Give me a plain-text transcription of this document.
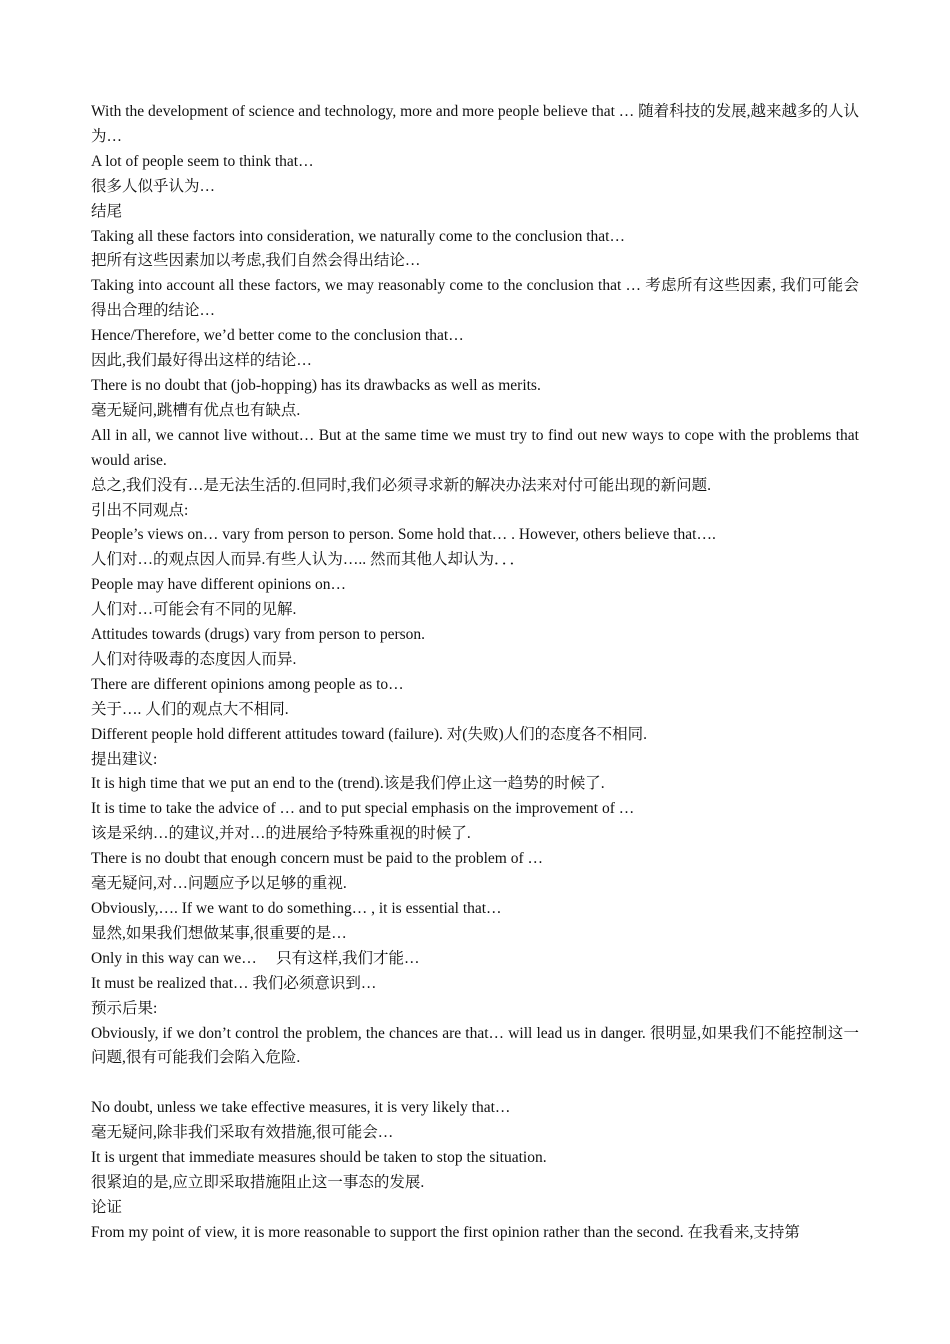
With the development of science and technology, more and more people believe that … 随着科技的发展,越来越多的人认为…

A lot of people seem to think that…

很多人似乎认为…

结尾

Taking all these factors into consideration, we naturally come to the conclusion that…

把所有这些因素加以考虑,我们自然会得出结论…

Taking into account all these factors, we may reasonably come to the conclusion that … 考虑所有这些因素, 我们可能会得出合理的结论…

Hence/Therefore, we’d better come to the conclusion that…

因此,我们最好得出这样的结论…

There is no doubt that (job-hopping) has its drawbacks as well as merits.

毫无疑问,跳槽有优点也有缺点.

All in all, we cannot live without… But at the same time we must try to find out new ways to cope with the problems that would arise.

总之,我们没有…是无法生活的.但同时,我们必须寻求新的解决办法来对付可能出现的新问题.

引出不同观点:

People’s views on… vary from person to person. Some hold that… . However, others believe that….

人们对…的观点因人而异.有些人认为….. 然而其他人却认为．．．

People may have different opinions on…

人们对…可能会有不同的见解.

Attitudes towards (drugs) vary from person to person.

人们对待吸毒的态度因人而异.

There are different opinions among people as to…

关于…. 人们的观点大不相同.

Different people hold different attitudes toward (failure). 对(失败)人们的态度各不相同.

提出建议:

It is high time that we put an end to the (trend).该是我们停止这一趋势的时候了.

It is time to take the advice of … and to put special emphasis on the improvement of …

该是采纳…的建议,并对…的进展给予特殊重视的时候了.

There is no doubt that enough concern must be paid to the problem of …

毫无疑问,对…问题应予以足够的重视.

Obviously,…. If we want to do something… , it is essential that…

显然,如果我们想做某事,很重要的是…

Only in this way can we…　 只有这样,我们才能…

It must be realized that… 我们必须意识到…

预示后果:

Obviously, if we don’t control the problem, the chances are that… will lead us in danger. 很明显,如果我们不能控制这一问题,很有可能我们会陷入危险.

No doubt, unless we take effective measures, it is very likely that…

毫无疑问,除非我们采取有效措施,很可能会…

It is urgent that immediate measures should be taken to stop the situation.

很紧迫的是,应立即采取措施阻止这一事态的发展.

论证

From my point of view, it is more reasonable to support the first opinion rather than the second. 在我看来,支持第
